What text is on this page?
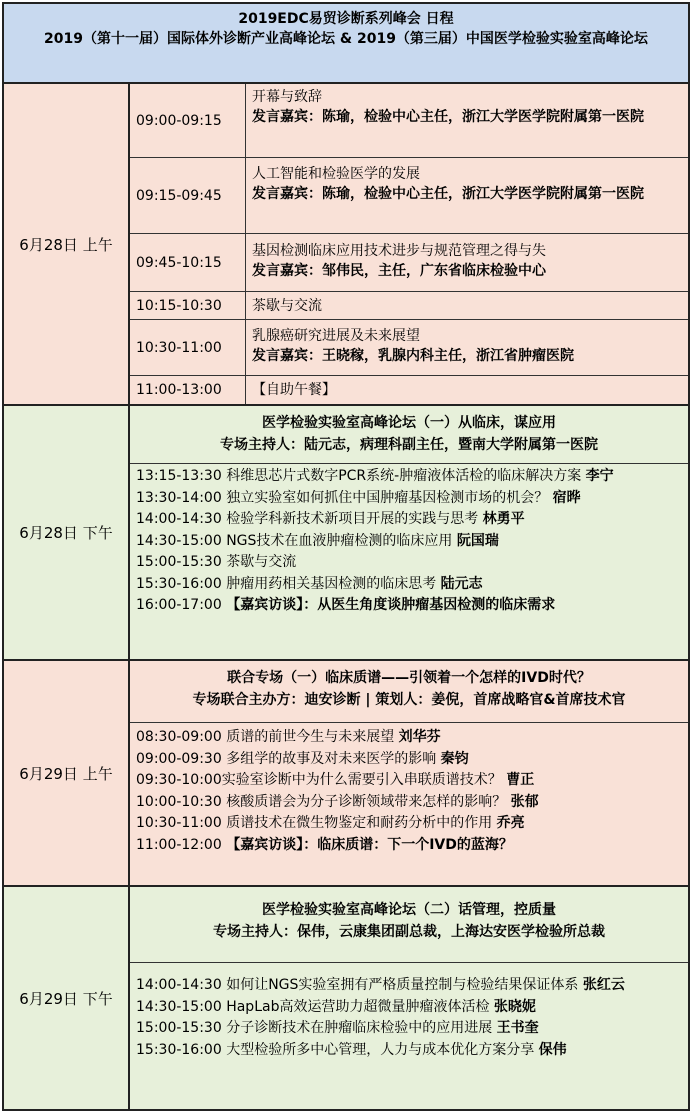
2019EDC易贸诊断系列峰会 日程
2019（第十一届）国际体外诊断产业高峰论坛 & 2019（第三届）中国医学检验实验室高峰论坛
6月28日 上午
09:00-09:15
开幕与致辞
发言嘉宾：陈瑜，检验中心主任，浙江大学医学院附属第一医院
09:15-09:45
人工智能和检验医学的发展
发言嘉宾：陈瑜，检验中心主任，浙江大学医学院附属第一医院
09:45-10:15
基因检测临床应用技术进步与规范管理之得与失
发言嘉宾：邹伟民，主任，广东省临床检验中心
10:15-10:30	茶歇与交流
10:30-11:00
乳腺癌研究进展及未来展望
发言嘉宾：王晓稼，乳腺内科主任，浙江省肿瘤医院
11:00-13:00	【自助午餐】
6月28日 下午
医学检验实验室高峰论坛（一）从临床，谋应用
专场主持人：陆元志，病理科副主任，暨南大学附属第一医院
13:15-13:30 科维思芯片式数字PCR系统-肿瘤液体活检的临床解决方案 李宁
13:30-14:00 独立实验室如何抓住中国肿瘤基因检测市场的机会？ 宿晔
14:00-14:30 检验学科新技术新项目开展的实践与思考 林勇平
14:30-15:00 NGS技术在血液肿瘤检测的临床应用 阮国瑞
15:00-15:30 茶歇与交流
15:30-16:00 肿瘤用药相关基因检测的临床思考 陆元志
16:00-17:00 【嘉宾访谈】：从医生角度谈肿瘤基因检测的临床需求
6月29日 上午
联合专场（一）临床质谱——引领着一个怎样的IVD时代？
专场联合主办方：迪安诊断 | 策划人：姜倪，首席战略官&首席技术官
08:30-09:00 质谱的前世今生与未来展望 刘华芬
09:00-09:30 多组学的故事及对未来医学的影响 秦钧
09:30-10:00实验室诊断中为什么需要引入串联质谱技术？ 曹正
10:00-10:30 核酸质谱会为分子诊断领域带来怎样的影响？ 张郁
10:30-11:00 质谱技术在微生物鉴定和耐药分析中的作用 乔亮
11:00-12:00 【嘉宾访谈】：临床质谱：下一个IVD的蓝海？
6月29日 下午
医学检验实验室高峰论坛（二）话管理，控质量
专场主持人：保伟，云康集团副总裁，上海达安医学检验所总裁
14:00-14:30 如何让NGS实验室拥有严格质量控制与检验结果保证体系 张红云
14:30-15:00 HapLab高效运营助力超微量肿瘤液体活检 张晓妮
15:00-15:30 分子诊断技术在肿瘤临床检验中的应用进展 王书奎
15:30-16:00 大型检验所多中心管理，人力与成本优化方案分享 保伟
